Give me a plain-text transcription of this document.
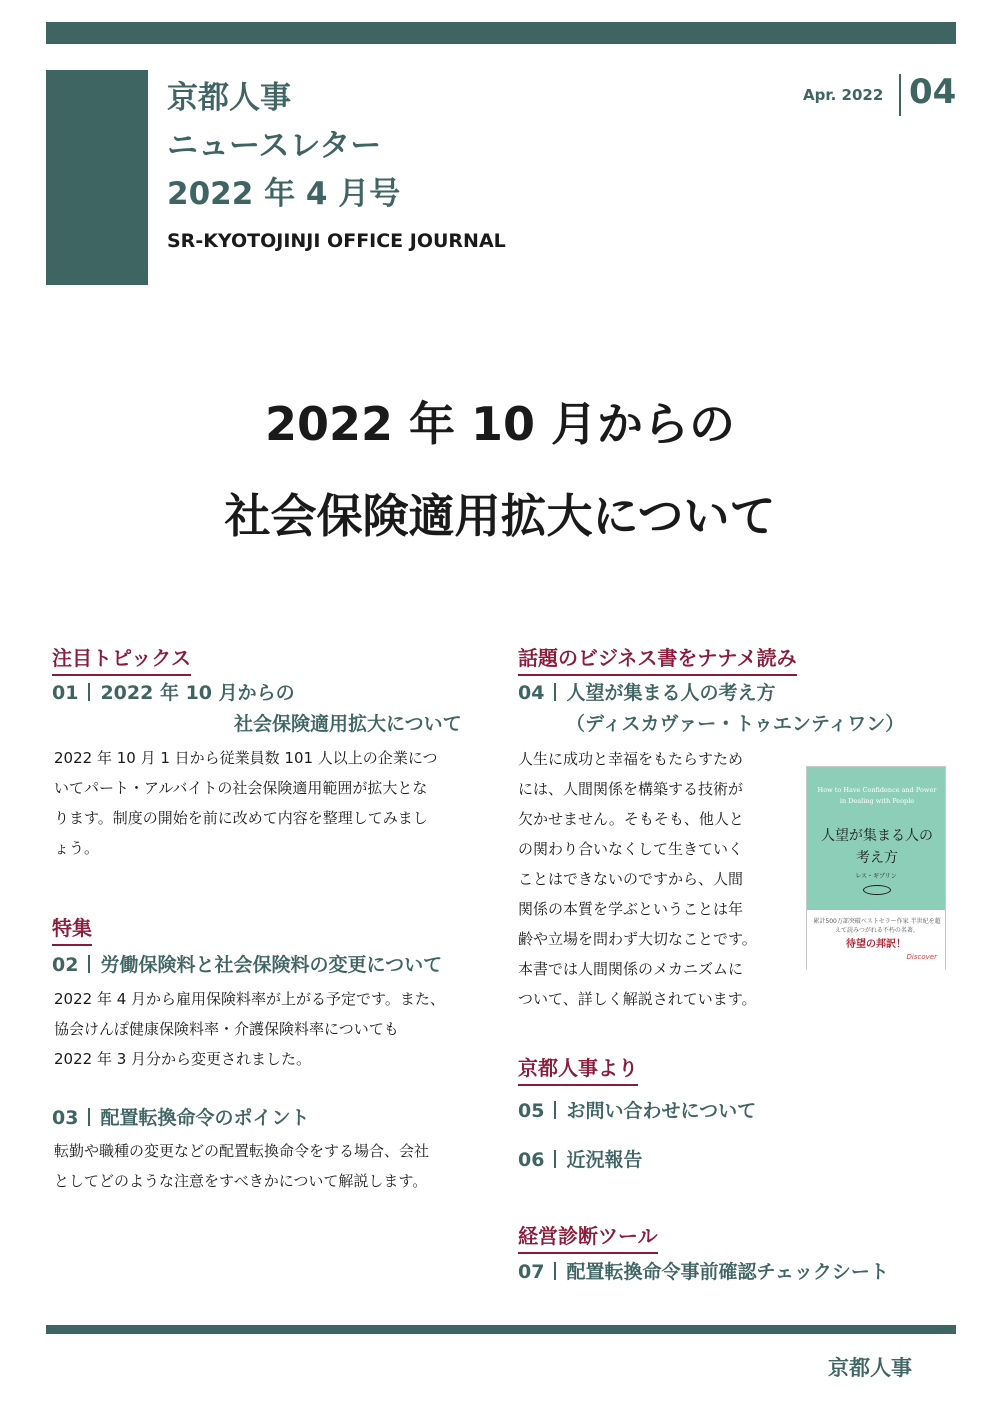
京都人事
ニュースレター
2022 年 4 月号
SR-KYOTOJINJI OFFICE JOURNAL
Apr. 2022 04
2022 年 10 月からの
社会保険適用拡大について
注目トピックス
01 2022 年 10 月からの
社会保険適用拡大について
2022 年 10 月 1 日から従業員数 101 人以上の企業につ
いてパート・アルバイトの社会保険適用範囲が拡大とな
ります。制度の開始を前に改めて内容を整理してみまし
ょう。
特集
02 労働保険料と社会保険料の変更について
2022 年 4 月から雇用保険料率が上がる予定です。また、
協会けんぽ健康保険料率・介護保険料率についても
2022 年 3 月分から変更されました。
03 配置転換命令のポイント
転勤や職種の変更などの配置転換命令をする場合、会社
としてどのような注意をすべきかについて解説します。
話題のビジネス書をナナメ読み
04 人望が集まる人の考え方
（ディスカヴァー・トゥエンティワン）
人生に成功と幸福をもたらすため
には、人間関係を構築する技術が
欠かせません。そもそも、他人と
の関わり合いなくして生きていく
ことはできないのですから、人間
関係の本質を学ぶということは年
齢や立場を問わず大切なことです。
本書では人間関係のメカニズムに
ついて、詳しく解説されています。
How to Have Confidence and Power in Dealing with People
人望が集まる人の
考え方
レス・ギブリン
累計500万部突破ベストセラー作家 半世紀を超えて読みつがれる不朽の名著。
待望の邦訳！
Discover
京都人事より
05 お問い合わせについて
06 近況報告
経営診断ツール
07 配置転換命令事前確認チェックシート
京都人事
